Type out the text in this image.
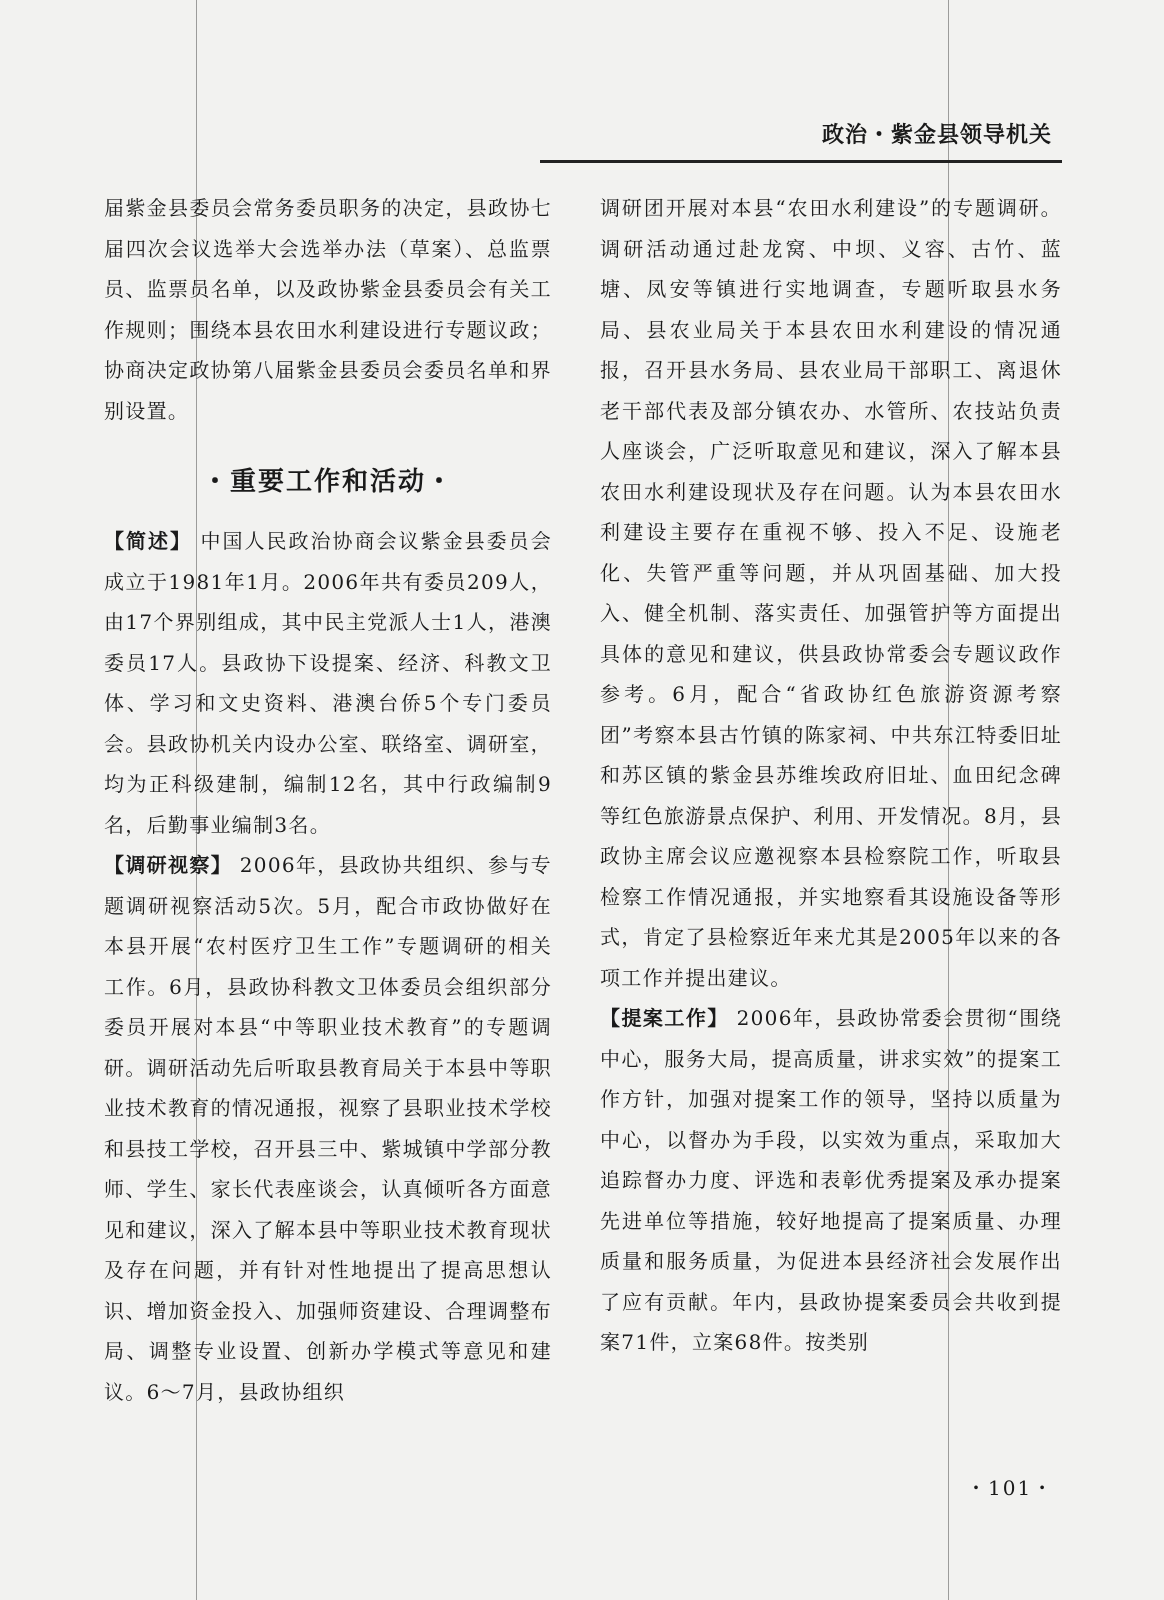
政治・紫金县领导机关

届紫金县委员会常务委员职务的决定，县政协七届四次会议选举大会选举办法（草案）、总监票员、监票员名单，以及政协紫金县委员会有关工作规则；围绕本县农田水利建设进行专题议政；协商决定政协第八届紫金县委员会委员名单和界别设置。

・重要工作和活动・

【简述】 中国人民政治协商会议紫金县委员会成立于1981年1月。2006年共有委员209人，由17个界别组成，其中民主党派人士1人，港澳委员17人。县政协下设提案、经济、科教文卫体、学习和文史资料、港澳台侨5个专门委员会。县政协机关内设办公室、联络室、调研室，均为正科级建制，编制12名，其中行政编制9名，后勤事业编制3名。

【调研视察】 2006年，县政协共组织、参与专题调研视察活动5次。5月，配合市政协做好在本县开展“农村医疗卫生工作”专题调研的相关工作。6月，县政协科教文卫体委员会组织部分委员开展对本县“中等职业技术教育”的专题调研。调研活动先后听取县教育局关于本县中等职业技术教育的情况通报，视察了县职业技术学校和县技工学校，召开县三中、紫城镇中学部分教师、学生、家长代表座谈会，认真倾听各方面意见和建议，深入了解本县中等职业技术教育现状及存在问题，并有针对性地提出了提高思想认识、增加资金投入、加强师资建设、合理调整布局、调整专业设置、创新办学模式等意见和建议。6～7月，县政协组织

调研团开展对本县“农田水利建设”的专题调研。调研活动通过赴龙窝、中坝、义容、古竹、蓝塘、凤安等镇进行实地调查，专题听取县水务局、县农业局关于本县农田水利建设的情况通报，召开县水务局、县农业局干部职工、离退休老干部代表及部分镇农办、水管所、农技站负责人座谈会，广泛听取意见和建议，深入了解本县农田水利建设现状及存在问题。认为本县农田水利建设主要存在重视不够、投入不足、设施老化、失管严重等问题，并从巩固基础、加大投入、健全机制、落实责任、加强管护等方面提出具体的意见和建议，供县政协常委会专题议政作参考。6月，配合“省政协红色旅游资源考察团”考察本县古竹镇的陈家祠、中共东江特委旧址和苏区镇的紫金县苏维埃政府旧址、血田纪念碑等红色旅游景点保护、利用、开发情况。8月，县政协主席会议应邀视察本县检察院工作，听取县检察工作情况通报，并实地察看其设施设备等形式，肯定了县检察近年来尤其是2005年以来的各项工作并提出建议。

【提案工作】 2006年，县政协常委会贯彻“围绕中心，服务大局，提高质量，讲求实效”的提案工作方针，加强对提案工作的领导，坚持以质量为中心，以督办为手段，以实效为重点，采取加大追踪督办力度、评选和表彰优秀提案及承办提案先进单位等措施，较好地提高了提案质量、办理质量和服务质量，为促进本县经济社会发展作出了应有贡献。年内，县政协提案委员会共收到提案71件，立案68件。按类别

・101・
